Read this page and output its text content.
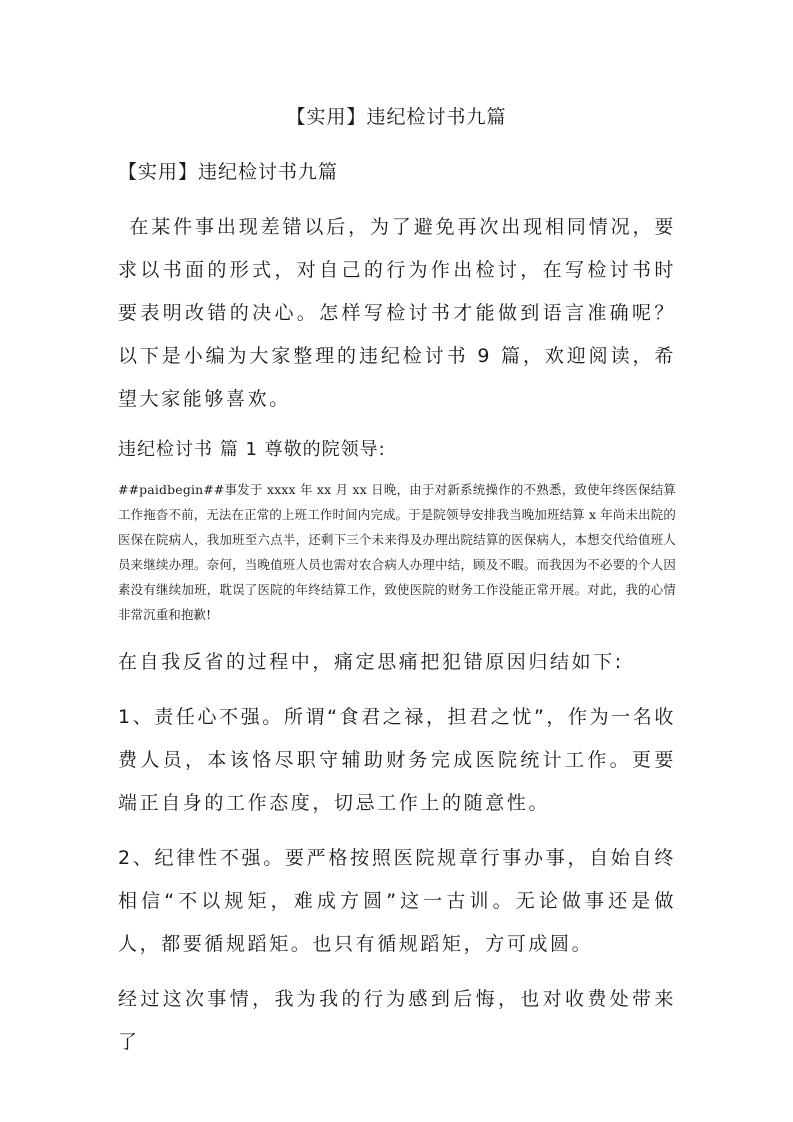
【实用】违纪检讨书九篇
【实用】违纪检讨书九篇

在某件事出现差错以后，为了避免再次出现相同情况，要求以书面的形式，对自己的行为作出检讨，在写检讨书时要表明改错的决心。怎样写检讨书才能做到语言准确呢？以下是小编为大家整理的违纪检讨书 9 篇，欢迎阅读，希望大家能够喜欢。

违纪检讨书 篇 1 尊敬的院领导:

##paidbegin##事发于 xxxx 年 xx 月 xx 日晚，由于对新系统操作的不熟悉，致使年终医保结算工作拖沓不前，无法在正常的上班工作时间内完成。于是院领导安排我当晚加班结算 x 年尚未出院的医保在院病人，我加班至六点半，还剩下三个未来得及办理出院结算的医保病人，本想交代给值班人员来继续办理。奈何，当晚值班人员也需对农合病人办理中结，顾及不暇。而我因为不必要的个人因素没有继续加班，耽误了医院的年终结算工作，致使医院的财务工作没能正常开展。对此，我的心情非常沉重和抱歉!

在自我反省的过程中，痛定思痛把犯错原因归结如下:

1、责任心不强。所谓“食君之禄，担君之忧”，作为一名收费人员，本该恪尽职守辅助财务完成医院统计工作。更要端正自身的工作态度，切忌工作上的随意性。

2、纪律性不强。要严格按照医院规章行事办事，自始自终相信“不以规矩，难成方圆”这一古训。无论做事还是做人，都要循规蹈矩。也只有循规蹈矩，方可成圆。

经过这次事情，我为我的行为感到后悔，也对收费处带来了
